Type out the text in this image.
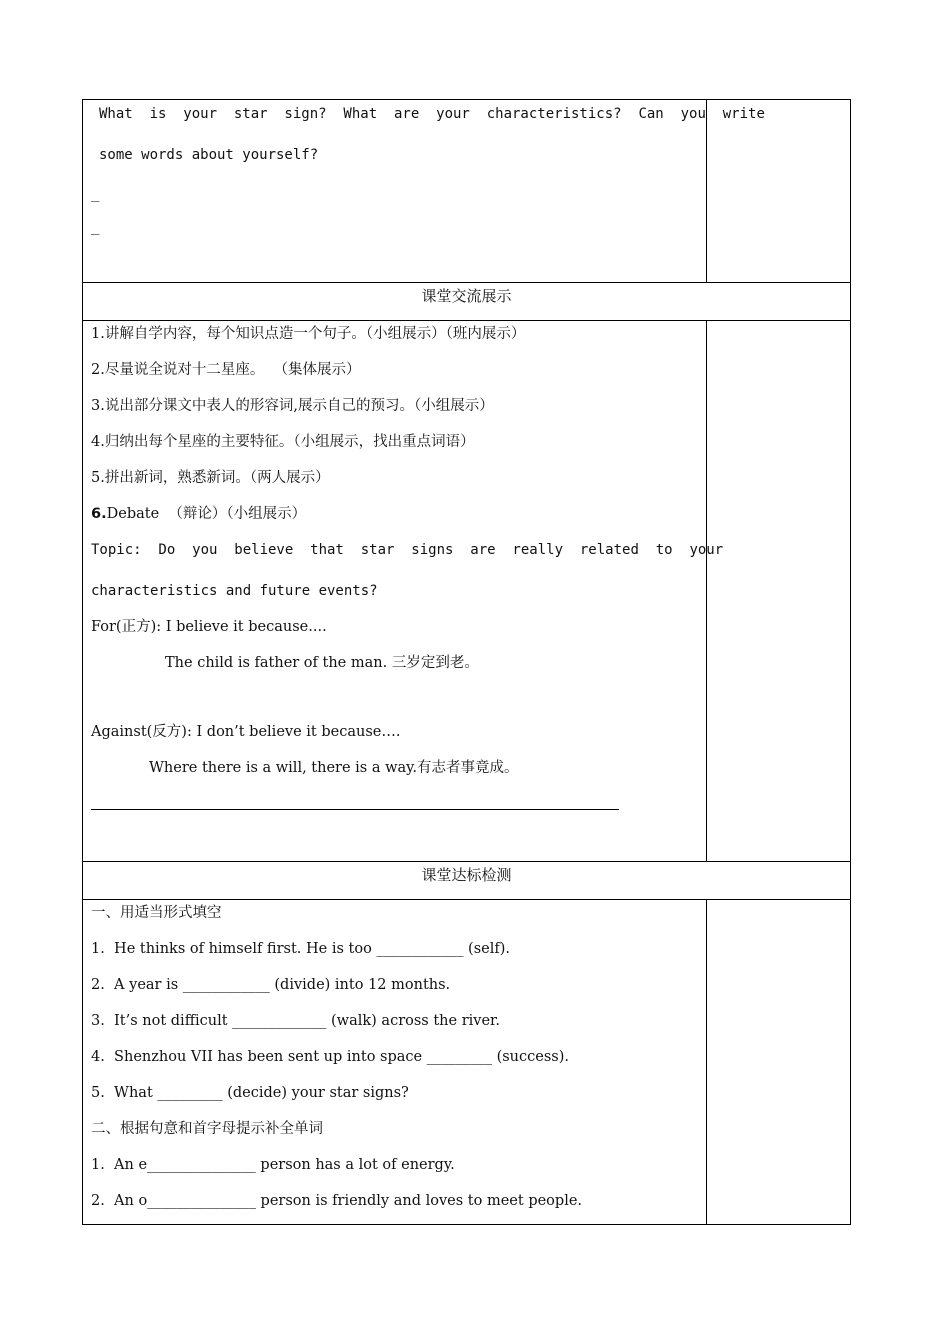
What  is  your  star  sign?  What  are  your  characteristics?  Can  you  write
some words about yourself?
_
_
课堂交流展示
1.讲解自学内容，每个知识点造一个句子。（小组展示）（班内展示）
2.尽量说全说对十二星座。  （集体展示）
3.说出部分课文中表人的形容词,展示自己的预习。（小组展示）
4.归纳出每个星座的主要特征。（小组展示，找出重点词语）
5.拼出新词，熟悉新词。（两人展示）
6.Debate  （辩论）（小组展示）
Topic:  Do  you  believe  that  star  signs  are  really  related  to  your
characteristics and future events?
For(正方): I believe it because....
The child is father of the man. 三岁定到老。
Against(反方): I don’t believe it because….
Where there is a will, there is a way.有志者事竟成。
课堂达标检测
一、用适当形式填空
1.  He thinks of himself first. He is too ____________ (self).
2.  A year is ____________ (divide) into 12 months.
3.  It’s not difficult _____________ (walk) across the river.
4.  Shenzhou VII has been sent up into space _________ (success).
5.  What _________ (decide) your star signs?
二、根据句意和首字母提示补全单词
1.  An e_______________ person has a lot of energy.
2.  An o_______________ person is friendly and loves to meet people.
